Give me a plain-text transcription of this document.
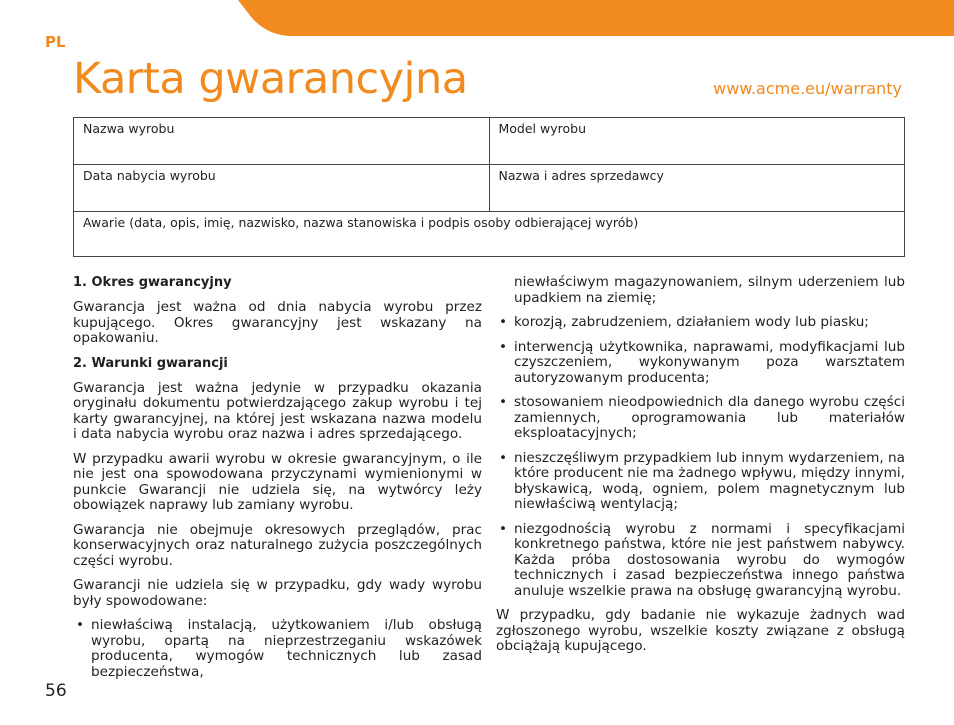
PL
Karta gwarancyjna	www.acme.eu/warranty
Nazwa wyrobu	Model wyrobu
Data nabycia wyrobu	Nazwa i adres sprzedawcy
Awarie (data, opis, imię, nazwisko, nazwa stanowiska i podpis osoby odbierającej wyrób)	
1. Okres gwarancyjny

Gwarancja jest ważna od dnia nabycia wyrobu przez kupującego. Okres gwarancyjny jest wskazany na opakowaniu.

2. Warunki gwarancji

Gwarancja jest ważna jedynie w przypadku okazania oryginału dokumentu potwierdzającego zakup wyrobu i tej karty gwarancyjnej, na której jest wskazana nazwa modelu i data nabycia wyrobu oraz nazwa i adres sprzedającego.

W przypadku awarii wyrobu w okresie gwarancyjnym, o ile nie jest ona spowodowana przyczynami wymienionymi w punkcie Gwarancji nie udziela się, na wytwórcy leży obowiązek naprawy lub zamiany wyrobu.

Gwarancja nie obejmuje okresowych przeglądów, prac konserwacyjnych oraz naturalnego zużycia poszczególnych części wyrobu.

Gwarancji nie udziela się w przypadku, gdy wady wyrobu były spowodowane:

• niewłaściwą instalacją, użytkowaniem i/lub obsługą wyrobu, opartą na nieprzestrzeganiu wskazówek producenta, wymogów technicznych lub zasad bezpieczeństwa,
niewłaściwym magazynowaniem, silnym uderzeniem lub upadkiem na ziemię;
• korozją, zabrudzeniem, działaniem wody lub piasku;
• interwencją użytkownika, naprawami, modyfikacjami lub czyszczeniem, wykonywanym poza warsztatem autoryzowanym producenta;
• stosowaniem nieodpowiednich dla danego wyrobu części zamiennych, oprogramowania lub materiałów eksploatacyjnych;
• nieszczęśliwym przypadkiem lub innym wydarzeniem, na które producent nie ma żadnego wpływu, między innymi, błyskawicą, wodą, ogniem, polem magnetycznym lub niewłaściwą wentylacją;
• niezgodnością wyrobu z normami i specyfikacjami konkretnego państwa, które nie jest państwem nabywcy. Każda próba dostosowania wyrobu do wymogów technicznych i zasad bezpieczeństwa innego państwa anuluje wszelkie prawa na obsługę gwarancyjną wyrobu.

W przypadku, gdy badanie nie wykazuje żadnych wad zgłoszonego wyrobu, wszelkie koszty związane z obsługą obciążają kupującego.

56
